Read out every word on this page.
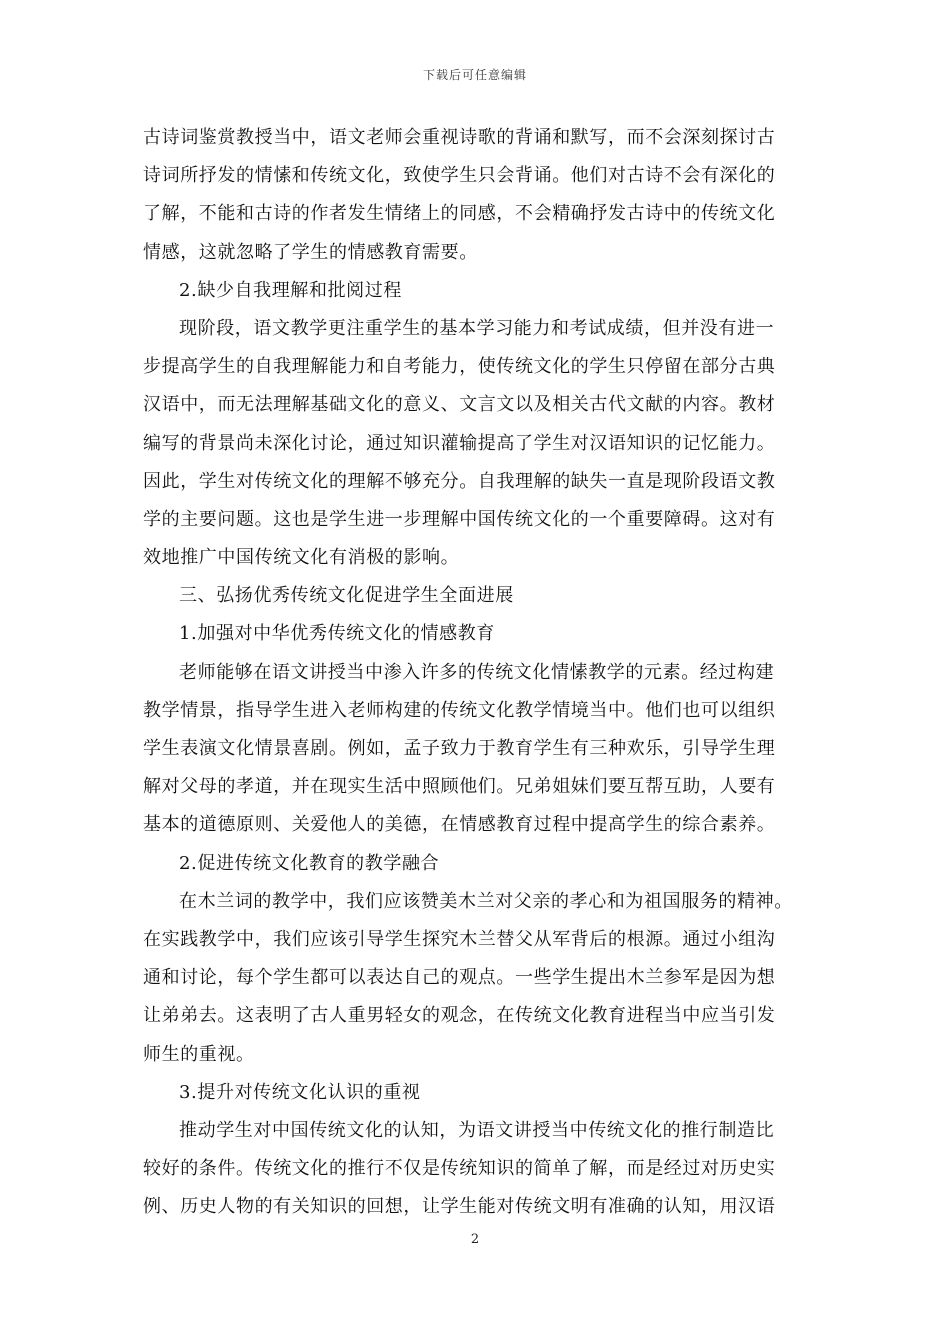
下载后可任意编辑
古诗词鉴赏教授当中，语文老师会重视诗歌的背诵和默写，而不会深刻探讨古
诗词所抒发的情愫和传统文化，致使学生只会背诵。他们对古诗不会有深化的
了解，不能和古诗的作者发生情绪上的同感，不会精确抒发古诗中的传统文化
情感，这就忽略了学生的情感教育需要。
2.缺少自我理解和批阅过程
现阶段，语文教学更注重学生的基本学习能力和考试成绩，但并没有进一
步提高学生的自我理解能力和自考能力，使传统文化的学生只停留在部分古典
汉语中，而无法理解基础文化的意义、文言文以及相关古代文献的内容。教材
编写的背景尚未深化讨论，通过知识灌输提高了学生对汉语知识的记忆能力。
因此，学生对传统文化的理解不够充分。自我理解的缺失一直是现阶段语文教
学的主要问题。这也是学生进一步理解中国传统文化的一个重要障碍。这对有
效地推广中国传统文化有消极的影响。
三、弘扬优秀传统文化促进学生全面进展
1.加强对中华优秀传统文化的情感教育
老师能够在语文讲授当中渗入许多的传统文化情愫教学的元素。经过构建
教学情景，指导学生进入老师构建的传统文化教学情境当中。他们也可以组织
学生表演文化情景喜剧。例如，孟子致力于教育学生有三种欢乐，引导学生理
解对父母的孝道，并在现实生活中照顾他们。兄弟姐妹们要互帮互助，人要有
基本的道德原则、关爱他人的美德，在情感教育过程中提高学生的综合素养。
2.促进传统文化教育的教学融合
在木兰词的教学中，我们应该赞美木兰对父亲的孝心和为祖国服务的精神。
在实践教学中，我们应该引导学生探究木兰替父从军背后的根源。通过小组沟
通和讨论，每个学生都可以表达自己的观点。一些学生提出木兰参军是因为想
让弟弟去。这表明了古人重男轻女的观念，在传统文化教育进程当中应当引发
师生的重视。
3.提升对传统文化认识的重视
推动学生对中国传统文化的认知，为语文讲授当中传统文化的推行制造比
较好的条件。传统文化的推行不仅是传统知识的简单了解，而是经过对历史实
例、历史人物的有关知识的回想，让学生能对传统文明有准确的认知，用汉语
2
